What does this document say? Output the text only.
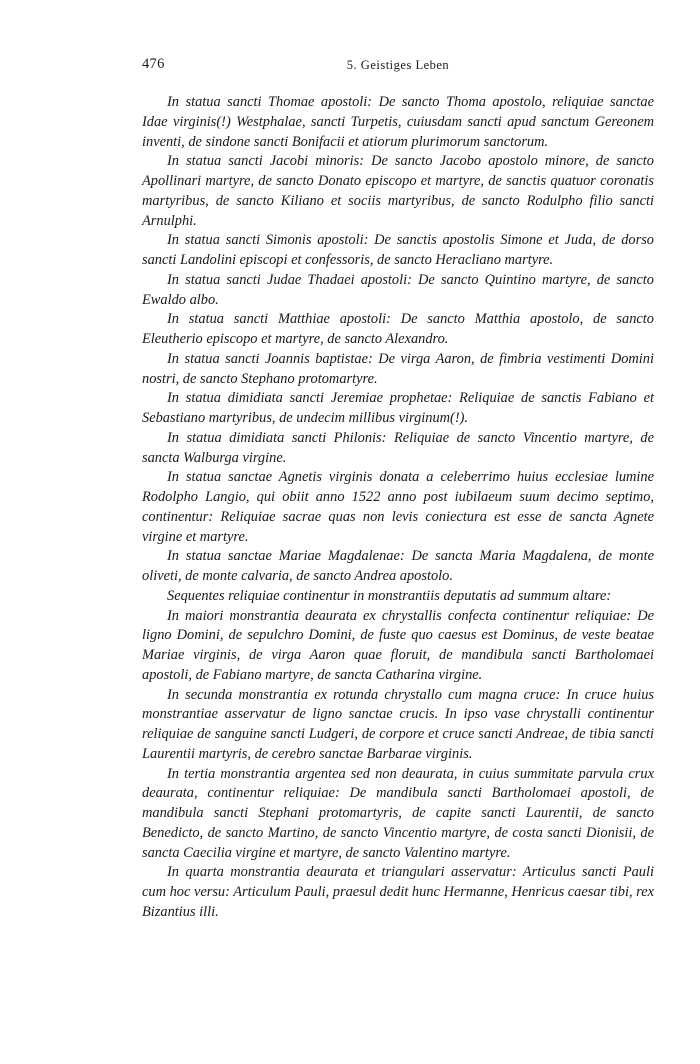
476	5. Geistiges Leben

In statua sancti Thomae apostoli: De sancto Thoma apostolo, reliquiae sanctae Idae virginis(!) Westphalae, sancti Turpetis, cuiusdam sancti apud sanctum Gereonem inventi, de sindone sancti Bonifacii et atiorum plurimorum sanctorum.

In statua sancti Jacobi minoris: De sancto Jacobo apostolo minore, de sancto Apollinari martyre, de sancto Donato episcopo et martyre, de sanctis quatuor coronatis martyribus, de sancto Kiliano et sociis martyribus, de sancto Rodulpho filio sancti Arnulphi.

In statua sancti Simonis apostoli: De sanctis apostolis Simone et Juda, de dorso sancti Landolini episcopi et confessoris, de sancto Heracliano martyre.

In statua sancti Judae Thadaei apostoli: De sancto Quintino martyre, de sancto Ewaldo albo.

In statua sancti Matthiae apostoli: De sancto Matthia apostolo, de sancto Eleutherio episcopo et martyre, de sancto Alexandro.

In statua sancti Joannis baptistae: De virga Aaron, de fimbria vestimenti Domini nostri, de sancto Stephano protomartyre.

In statua dimidiata sancti Jeremiae prophetae: Reliquiae de sanctis Fabiano et Sebastiano martyribus, de undecim millibus virginum(!).

In statua dimidiata sancti Philonis: Reliquiae de sancto Vincentio martyre, de sancta Walburga virgine.

In statua sanctae Agnetis virginis donata a celeberrimo huius ecclesiae lumine Rodolpho Langio, qui obiit anno 1522 anno post iubilaeum suum decimo septimo, continentur: Reliquiae sacrae quas non levis coniectura est esse de sancta Agnete virgine et martyre.

In statua sanctae Mariae Magdalenae: De sancta Maria Magdalena, de monte oliveti, de monte calvaria, de sancto Andrea apostolo.

Sequentes reliquiae continentur in monstrantiis deputatis ad summum altare:

In maiori monstrantia deaurata ex chrystallis confecta continentur reliquiae: De ligno Domini, de sepulchro Domini, de fuste quo caesus est Dominus, de veste beatae Mariae virginis, de virga Aaron quae floruit, de mandibula sancti Bartholomaei apostoli, de Fabiano martyre, de sancta Catharina virgine.

In secunda monstrantia ex rotunda chrystallo cum magna cruce: In cruce huius monstrantiae asservatur de ligno sanctae crucis. In ipso vase chrystalli continentur reliquiae de sanguine sancti Ludgeri, de corpore et cruce sancti Andreae, de tibia sancti Laurentii martyris, de cerebro sanctae Barbarae virginis.

In tertia monstrantia argentea sed non deaurata, in cuius summitate parvula crux deaurata, continentur reliquiae: De mandibula sancti Bartholomaei apostoli, de mandibula sancti Stephani protomartyris, de capite sancti Laurentii, de sancto Benedicto, de sancto Martino, de sancto Vincentio martyre, de costa sancti Dionisii, de sancta Caecilia virgine et martyre, de sancto Valentino martyre.

In quarta monstrantia deaurata et triangulari asservatur: Articulus sancti Pauli cum hoc versu: Articulum Pauli, praesul dedit hunc Hermanne, Henricus caesar tibi, rex Bizantius illi.
